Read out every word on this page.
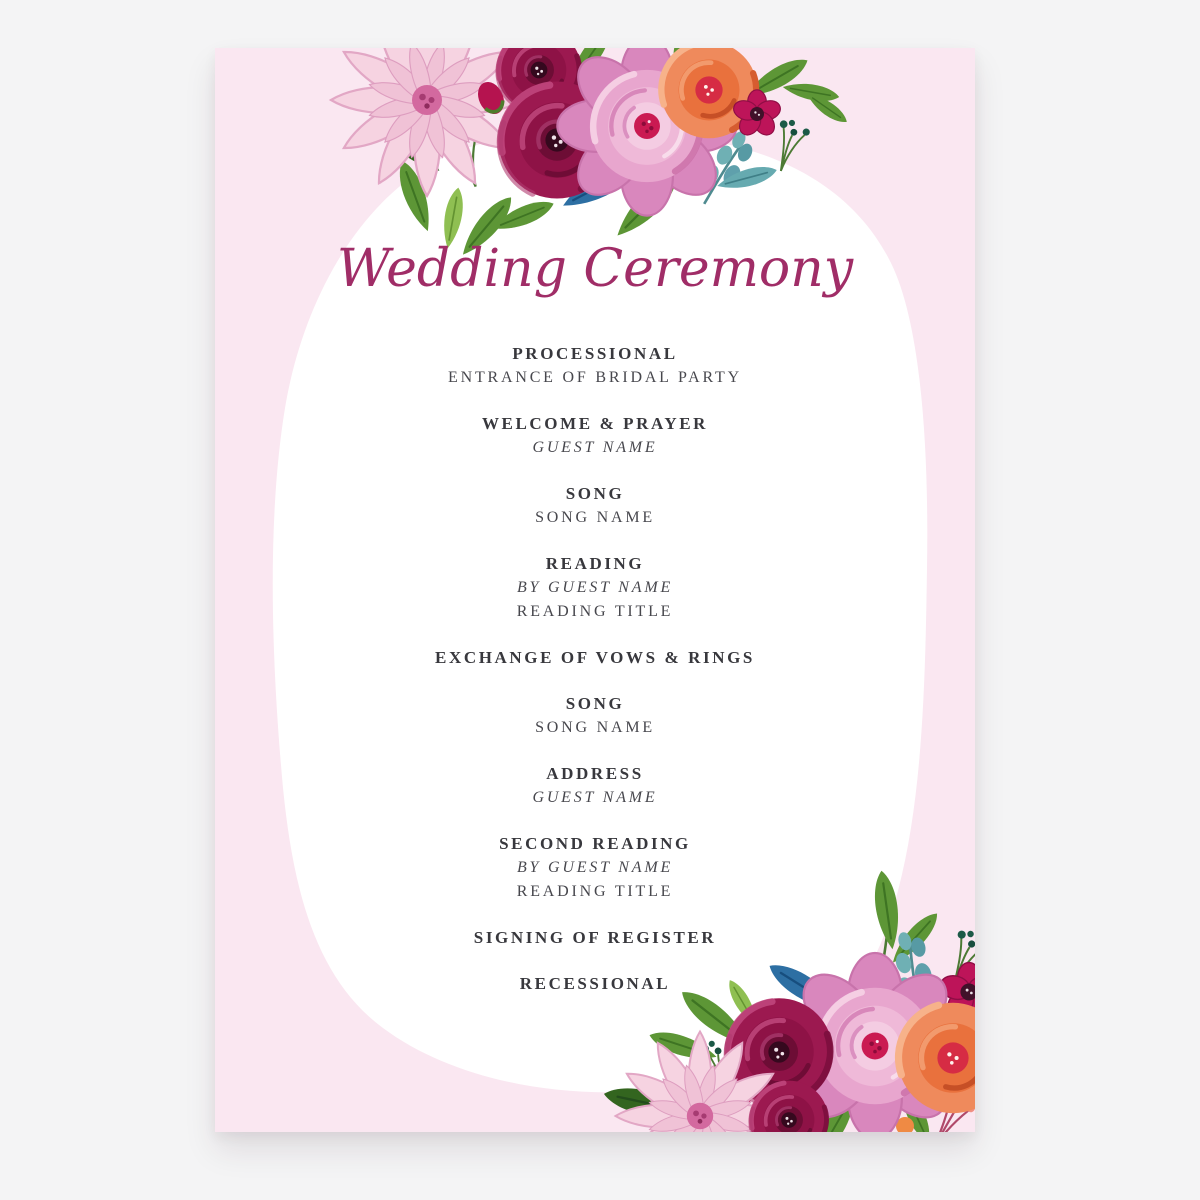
Wedding Ceremony
PROCESSIONAL
ENTRANCE OF BRIDAL PARTY
WELCOME & PRAYER
GUEST NAME
SONG
SONG NAME
READING
BY GUEST NAME
READING TITLE
EXCHANGE OF VOWS & RINGS
SONG
SONG NAME
ADDRESS
GUEST NAME
SECOND READING
BY GUEST NAME
READING TITLE
SIGNING OF REGISTER
RECESSIONAL
